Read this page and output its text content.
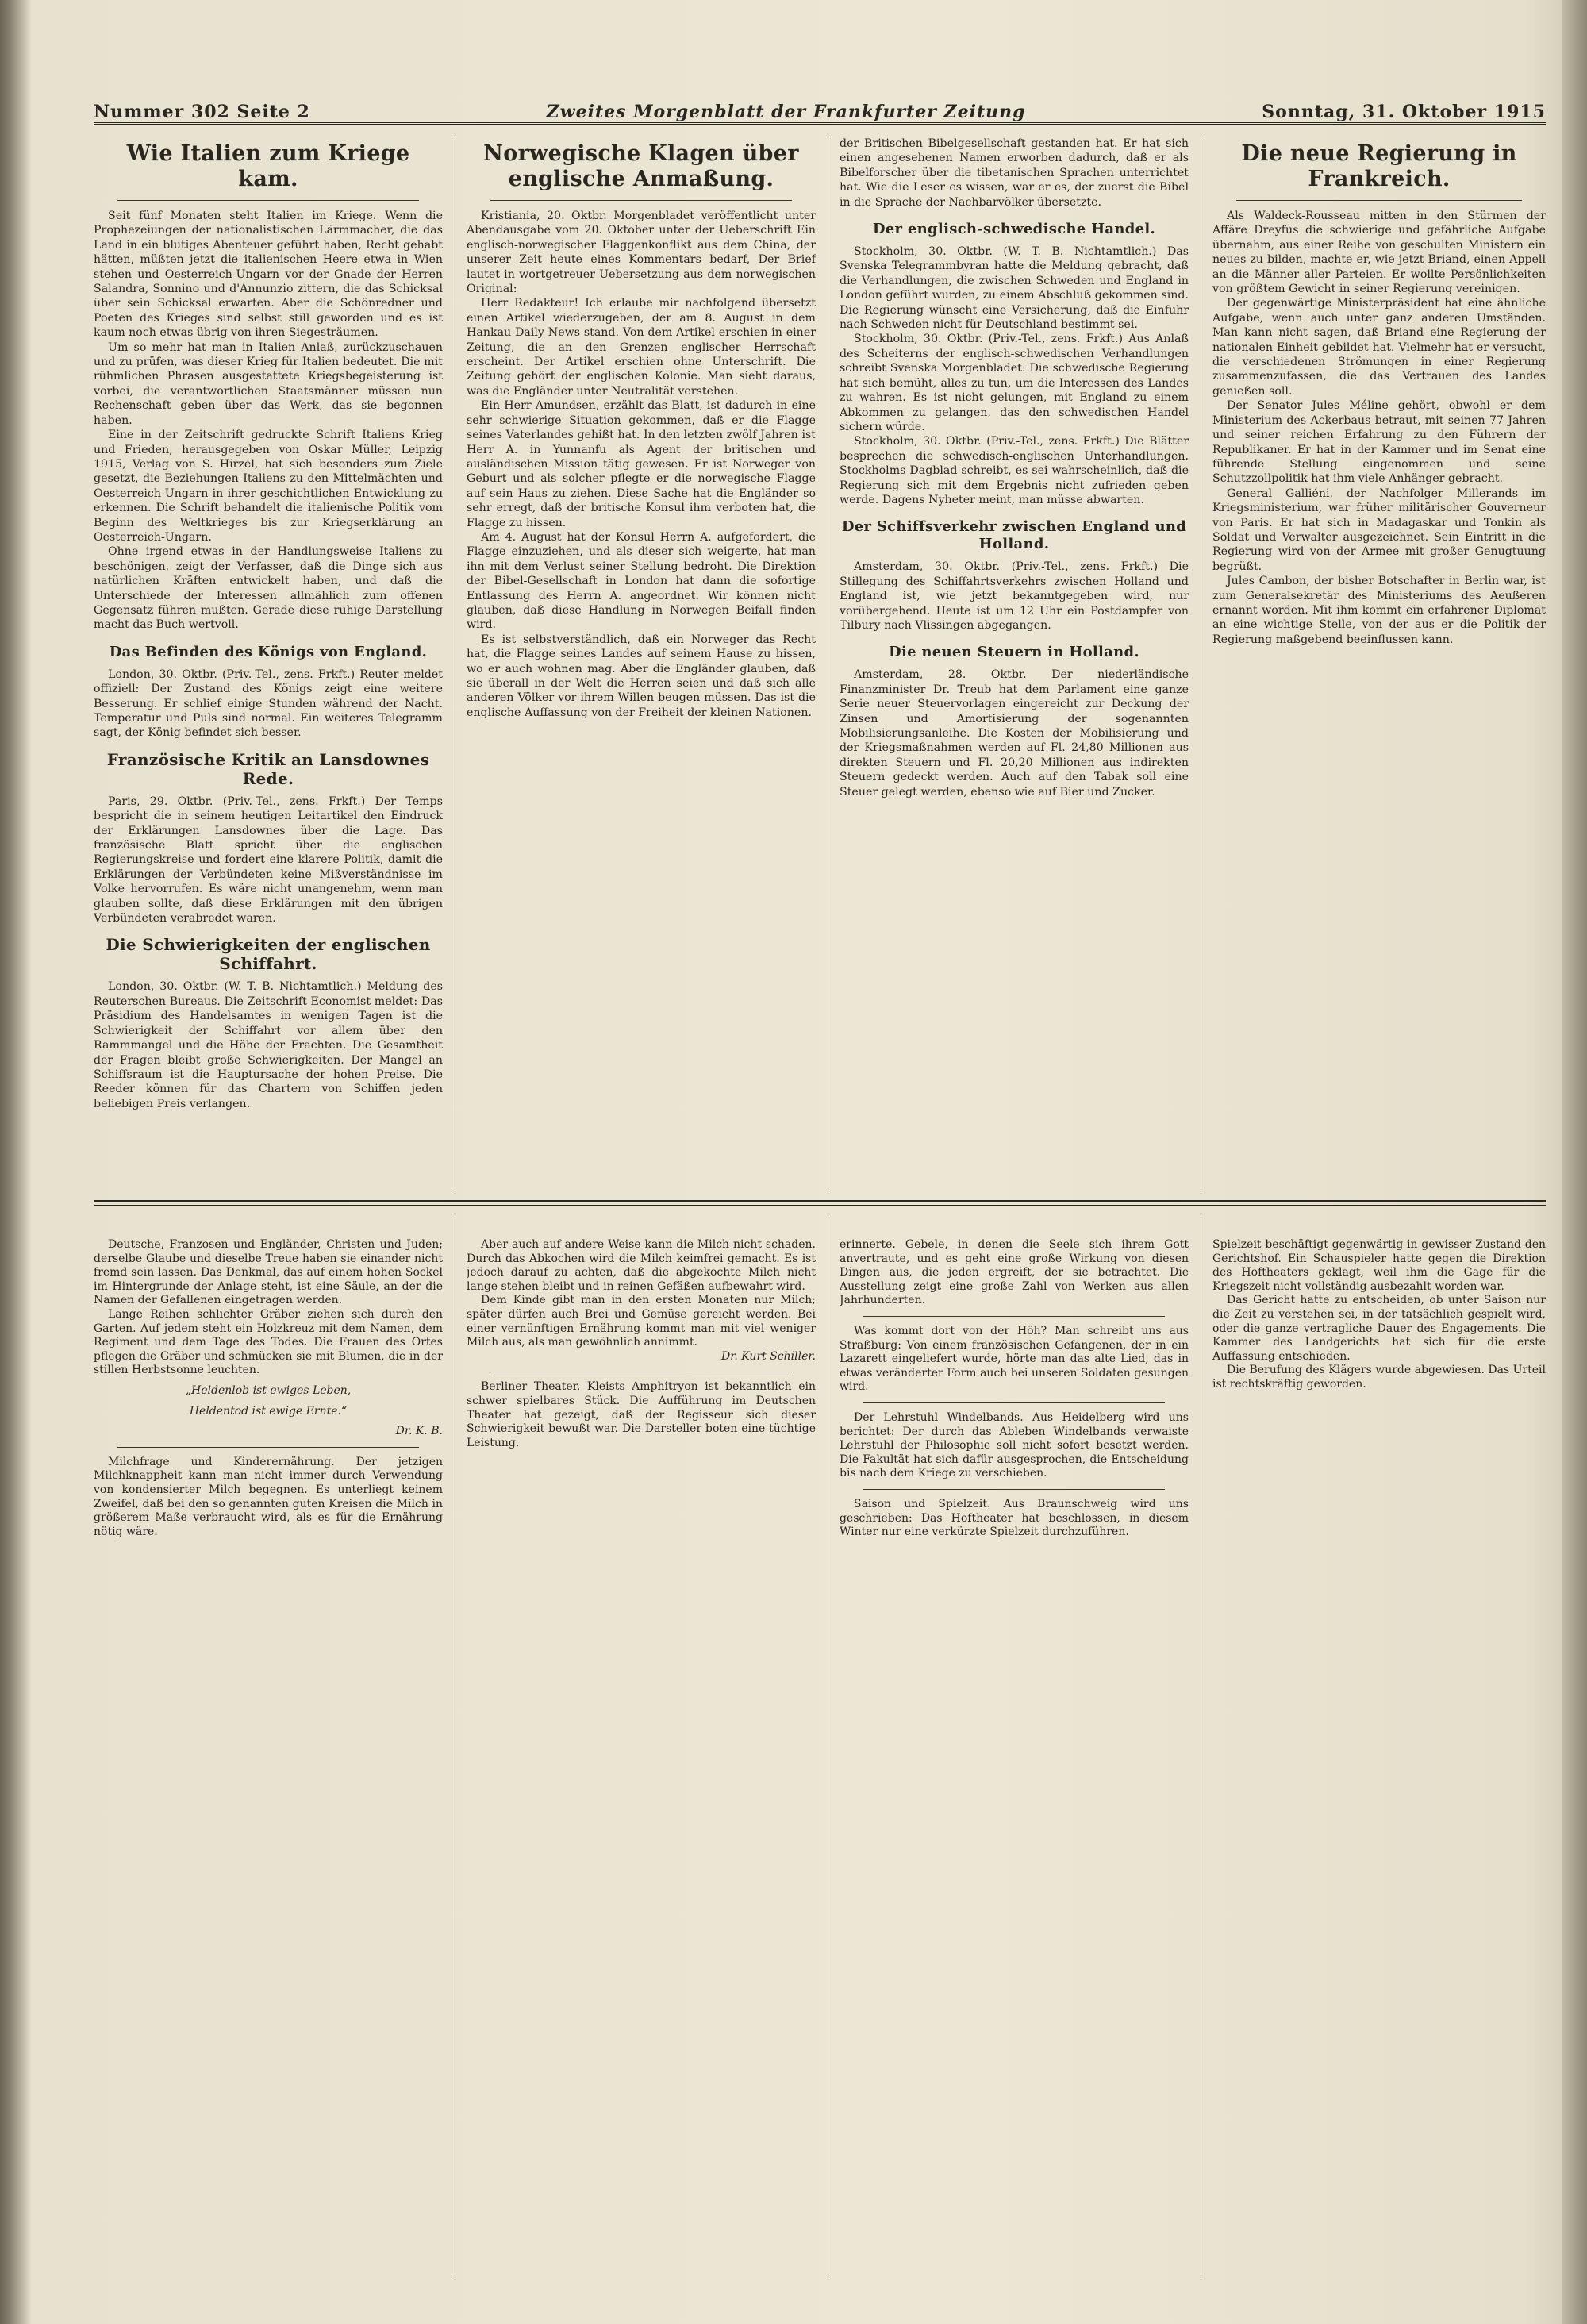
Nummer 302 Seite 2	Zweites Morgenblatt der Frankfurter Zeitung	Sonntag, 31. Oktober 1915
Wie Italien zum Kriege kam.

Seit fünf Monaten steht Italien im Kriege. Wenn die Prophezeiungen der nationalistischen Lärmmacher, die das Land in ein blutiges Abenteuer geführt haben, Recht gehabt hätten, müßten jetzt die italienischen Heere etwa in Wien stehen und Oesterreich-Ungarn vor der Gnade der Herren Salandra, Sonnino und d'Annunzio zittern, die das Schicksal über sein Schicksal erwarten. Aber die Schönredner und Poeten des Krieges sind selbst still geworden und es ist kaum noch etwas übrig von ihren Siegesträumen.

Um so mehr hat man in Italien Anlaß, zurückzuschauen und zu prüfen, was dieser Krieg für Italien bedeutet. Die mit rühmlichen Phrasen ausgestattete Kriegsbegeisterung ist vorbei, die verantwortlichen Staatsmänner müssen nun Rechenschaft geben über das Werk, das sie begonnen haben.

Eine in der Zeitschrift gedruckte Schrift Italiens Krieg und Frieden, herausgegeben von Oskar Müller, Leipzig 1915, Verlag von S. Hirzel, hat sich besonders zum Ziele gesetzt, die Beziehungen Italiens zu den Mittelmächten und Oesterreich-Ungarn in ihrer geschichtlichen Entwicklung zu erkennen. Die Schrift behandelt die italienische Politik vom Beginn des Weltkrieges bis zur Kriegserklärung an Oesterreich-Ungarn.

Ohne irgend etwas in der Handlungsweise Italiens zu beschönigen, zeigt der Verfasser, daß die Dinge sich aus natürlichen Kräften entwickelt haben, und daß die Unterschiede der Interessen allmählich zum offenen Gegensatz führen mußten. Gerade diese ruhige Darstellung macht das Buch wertvoll.

Das Befinden des Königs von England.

London, 30. Oktbr. (Priv.-Tel., zens. Frkft.) Reuter meldet offiziell: Der Zustand des Königs zeigt eine weitere Besserung. Er schlief einige Stunden während der Nacht. Temperatur und Puls sind normal. Ein weiteres Telegramm sagt, der König befindet sich besser.

Französische Kritik an Lansdownes Rede.

Paris, 29. Oktbr. (Priv.-Tel., zens. Frkft.) Der Temps bespricht die in seinem heutigen Leitartikel den Eindruck der Erklärungen Lansdownes über die Lage. Das französische Blatt spricht über die englischen Regierungskreise und fordert eine klarere Politik, damit die Erklärungen der Verbündeten keine Mißverständnisse im Volke hervorrufen. Es wäre nicht unangenehm, wenn man glauben sollte, daß diese Erklärungen mit den übrigen Verbündeten verabredet waren.

Die Schwierigkeiten der englischen Schiffahrt.

London, 30. Oktbr. (W. T. B. Nichtamtlich.) Meldung des Reuterschen Bureaus. Die Zeitschrift Economist meldet: Das Präsidium des Handelsamtes in wenigen Tagen ist die Schwierigkeit der Schiffahrt vor allem über den Rammmangel und die Höhe der Frachten. Die Gesamtheit der Fragen bleibt große Schwierigkeiten. Der Mangel an Schiffsraum ist die Hauptursache der hohen Preise. Die Reeder können für das Chartern von Schiffen jeden beliebigen Preis verlangen.

Norwegische Klagen über englische Anmaßung.

Kristiania, 20. Oktbr. Morgenbladet veröffentlicht unter Abendausgabe vom 20. Oktober unter der Ueberschrift Ein englisch-norwegischer Flaggenkonflikt aus dem China, der unserer Zeit heute eines Kommentars bedarf, Der Brief lautet in wortgetreuer Uebersetzung aus dem norwegischen Original:

Herr Redakteur! Ich erlaube mir nachfolgend übersetzt einen Artikel wiederzugeben, der am 8. August in dem Hankau Daily News stand. Von dem Artikel erschien in einer Zeitung, die an den Grenzen englischer Herrschaft erscheint. Der Artikel erschien ohne Unterschrift. Die Zeitung gehört der englischen Kolonie. Man sieht daraus, was die Engländer unter Neutralität verstehen.

Ein Herr Amundsen, erzählt das Blatt, ist dadurch in eine sehr schwierige Situation gekommen, daß er die Flagge seines Vaterlandes gehißt hat. In den letzten zwölf Jahren ist Herr A. in Yunnanfu als Agent der britischen und ausländischen Mission tätig gewesen. Er ist Norweger von Geburt und als solcher pflegte er die norwegische Flagge auf sein Haus zu ziehen. Diese Sache hat die Engländer so sehr erregt, daß der britische Konsul ihm verboten hat, die Flagge zu hissen.

Am 4. August hat der Konsul Herrn A. aufgefordert, die Flagge einzuziehen, und als dieser sich weigerte, hat man ihn mit dem Verlust seiner Stellung bedroht. Die Direktion der Bibel-Gesellschaft in London hat dann die sofortige Entlassung des Herrn A. angeordnet. Wir können nicht glauben, daß diese Handlung in Norwegen Beifall finden wird.

Es ist selbstverständlich, daß ein Norweger das Recht hat, die Flagge seines Landes auf seinem Hause zu hissen, wo er auch wohnen mag. Aber die Engländer glauben, daß sie überall in der Welt die Herren seien und daß sich alle anderen Völker vor ihrem Willen beugen müssen. Das ist die englische Auffassung von der Freiheit der kleinen Nationen.

der Britischen Bibelgesellschaft gestanden hat. Er hat sich einen angesehenen Namen erworben dadurch, daß er als Bibelforscher über die tibetanischen Sprachen unterrichtet hat. Wie die Leser es wissen, war er es, der zuerst die Bibel in die Sprache der Nachbarvölker übersetzte.

Der englisch-schwedische Handel.

Stockholm, 30. Oktbr. (W. T. B. Nichtamtlich.) Das Svenska Telegrammbyran hatte die Meldung gebracht, daß die Verhandlungen, die zwischen Schweden und England in London geführt wurden, zu einem Abschluß gekommen sind. Die Regierung wünscht eine Versicherung, daß die Einfuhr nach Schweden nicht für Deutschland bestimmt sei.

Stockholm, 30. Oktbr. (Priv.-Tel., zens. Frkft.) Aus Anlaß des Scheiterns der englisch-schwedischen Verhandlungen schreibt Svenska Morgenbladet: Die schwedische Regierung hat sich bemüht, alles zu tun, um die Interessen des Landes zu wahren. Es ist nicht gelungen, mit England zu einem Abkommen zu gelangen, das den schwedischen Handel sichern würde.

Stockholm, 30. Oktbr. (Priv.-Tel., zens. Frkft.) Die Blätter besprechen die schwedisch-englischen Unterhandlungen. Stockholms Dagblad schreibt, es sei wahrscheinlich, daß die Regierung sich mit dem Ergebnis nicht zufrieden geben werde. Dagens Nyheter meint, man müsse abwarten.

Der Schiffsverkehr zwischen England und Holland.

Amsterdam, 30. Oktbr. (Priv.-Tel., zens. Frkft.) Die Stillegung des Schiffahrtsverkehrs zwischen Holland und England ist, wie jetzt bekanntgegeben wird, nur vorübergehend. Heute ist um 12 Uhr ein Postdampfer von Tilbury nach Vlissingen abgegangen.

Die neuen Steuern in Holland.

Amsterdam, 28. Oktbr. Der niederländische Finanzminister Dr. Treub hat dem Parlament eine ganze Serie neuer Steuervorlagen eingereicht zur Deckung der Zinsen und Amortisierung der sogenannten Mobilisierungsanleihe. Die Kosten der Mobilisierung und der Kriegsmaßnahmen werden auf Fl. 24,80 Millionen aus direkten Steuern und Fl. 20,20 Millionen aus indirekten Steuern gedeckt werden. Auch auf den Tabak soll eine Steuer gelegt werden, ebenso wie auf Bier und Zucker.

Die neue Regierung in Frankreich.

Als Waldeck-Rousseau mitten in den Stürmen der Affäre Dreyfus die schwierige und gefährliche Aufgabe übernahm, aus einer Reihe von geschulten Ministern ein neues zu bilden, machte er, wie jetzt Briand, einen Appell an die Männer aller Parteien. Er wollte Persönlichkeiten von größtem Gewicht in seiner Regierung vereinigen.

Der gegenwärtige Ministerpräsident hat eine ähnliche Aufgabe, wenn auch unter ganz anderen Umständen. Man kann nicht sagen, daß Briand eine Regierung der nationalen Einheit gebildet hat. Vielmehr hat er versucht, die verschiedenen Strömungen in einer Regierung zusammenzufassen, die das Vertrauen des Landes genießen soll.

Der Senator Jules Méline gehört, obwohl er dem Ministerium des Ackerbaus betraut, mit seinen 77 Jahren und seiner reichen Erfahrung zu den Führern der Republikaner. Er hat in der Kammer und im Senat eine führende Stellung eingenommen und seine Schutzzollpolitik hat ihm viele Anhänger gebracht.

General Galliéni, der Nachfolger Millerands im Kriegsministerium, war früher militärischer Gouverneur von Paris. Er hat sich in Madagaskar und Tonkin als Soldat und Verwalter ausgezeichnet. Sein Eintritt in die Regierung wird von der Armee mit großer Genugtuung begrüßt.

Jules Cambon, der bisher Botschafter in Berlin war, ist zum Generalsekretär des Ministeriums des Aeußeren ernannt worden. Mit ihm kommt ein erfahrener Diplomat an eine wichtige Stelle, von der aus er die Politik der Regierung maßgebend beeinflussen kann.

Deutsche, Franzosen und Engländer, Christen und Juden; derselbe Glaube und dieselbe Treue haben sie einander nicht fremd sein lassen. Das Denkmal, das auf einem hohen Sockel im Hintergrunde der Anlage steht, ist eine Säule, an der die Namen der Gefallenen eingetragen werden.

Lange Reihen schlichter Gräber ziehen sich durch den Garten. Auf jedem steht ein Holzkreuz mit dem Namen, dem Regiment und dem Tage des Todes. Die Frauen des Ortes pflegen die Gräber und schmücken sie mit Blumen, die in der stillen Herbstsonne leuchten.

„Heldenlob ist ewiges Leben,

Heldentod ist ewige Ernte.“

Dr. K. B.

Milchfrage und Kinderernährung. Der jetzigen Milchknappheit kann man nicht immer durch Verwendung von kondensierter Milch begegnen. Es unterliegt keinem Zweifel, daß bei den so genannten guten Kreisen die Milch in größerem Maße verbraucht wird, als es für die Ernährung nötig wäre.

Aber auch auf andere Weise kann die Milch nicht schaden. Durch das Abkochen wird die Milch keimfrei gemacht. Es ist jedoch darauf zu achten, daß die abgekochte Milch nicht lange stehen bleibt und in reinen Gefäßen aufbewahrt wird.

Dem Kinde gibt man in den ersten Monaten nur Milch; später dürfen auch Brei und Gemüse gereicht werden. Bei einer vernünftigen Ernährung kommt man mit viel weniger Milch aus, als man gewöhnlich annimmt.

Dr. Kurt Schiller.

Berliner Theater. Kleists Amphitryon ist bekanntlich ein schwer spielbares Stück. Die Aufführung im Deutschen Theater hat gezeigt, daß der Regisseur sich dieser Schwierigkeit bewußt war. Die Darsteller boten eine tüchtige Leistung.

erinnerte. Gebele, in denen die Seele sich ihrem Gott anvertraute, und es geht eine große Wirkung von diesen Dingen aus, die jeden ergreift, der sie betrachtet. Die Ausstellung zeigt eine große Zahl von Werken aus allen Jahrhunderten.

Was kommt dort von der Höh? Man schreibt uns aus Straßburg: Von einem französischen Gefangenen, der in ein Lazarett eingeliefert wurde, hörte man das alte Lied, das in etwas veränderter Form auch bei unseren Soldaten gesungen wird.

Der Lehrstuhl Windelbands. Aus Heidelberg wird uns berichtet: Der durch das Ableben Windelbands verwaiste Lehrstuhl der Philosophie soll nicht sofort besetzt werden. Die Fakultät hat sich dafür ausgesprochen, die Entscheidung bis nach dem Kriege zu verschieben.

Saison und Spielzeit. Aus Braunschweig wird uns geschrieben: Das Hoftheater hat beschlossen, in diesem Winter nur eine verkürzte Spielzeit durchzuführen.

Spielzeit beschäftigt gegenwärtig in gewisser Zustand den Gerichtshof. Ein Schauspieler hatte gegen die Direktion des Hoftheaters geklagt, weil ihm die Gage für die Kriegszeit nicht vollständig ausbezahlt worden war.

Das Gericht hatte zu entscheiden, ob unter Saison nur die Zeit zu verstehen sei, in der tatsächlich gespielt wird, oder die ganze vertragliche Dauer des Engagements. Die Kammer des Landgerichts hat sich für die erste Auffassung entschieden.

Die Berufung des Klägers wurde abgewiesen. Das Urteil ist rechtskräftig geworden.
